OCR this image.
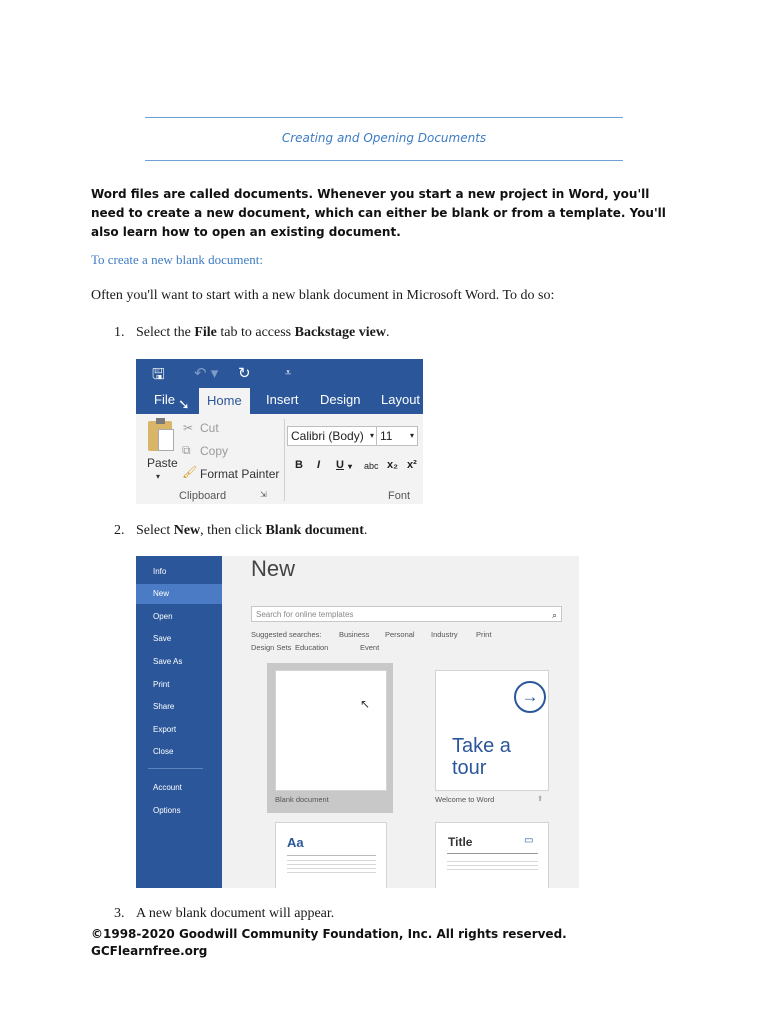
Creating and Opening Documents
Word files are called documents. Whenever you start a new project in Word, you'll need to create a new document, which can either be blank or from a template. You'll also learn how to open an existing document.
To create a new blank document:
Often you'll want to start with a new blank document in Microsoft Word. To do so:
1. Select the File tab to access Backstage view.
🖫 ↶ ▾ ↻	⩡
File ➘	Home	Insert Design Layout
Paste
▾
✂ Cut
⧉ Copy
🖌 Format Painter
Clipboard	⇲
Calibri (Body) ▾ 11 ▾
B I U ▾ abc x₂ x²
Font
2. Select New, then click Blank document.
Info
New
Open
Save
Save As
Print
Share
Export
Close
Account
Options
New
Search for online templates	⌕
Suggested searches: Business Personal Industry Print
Design Sets Education	Event
↖
Blank document
→
Take a tour
Welcome to Word	⬆
Aa	Title	▭
3. A new blank document will appear.
©1998-2020 Goodwill Community Foundation, Inc. All rights reserved.
GCFlearnfree.org
